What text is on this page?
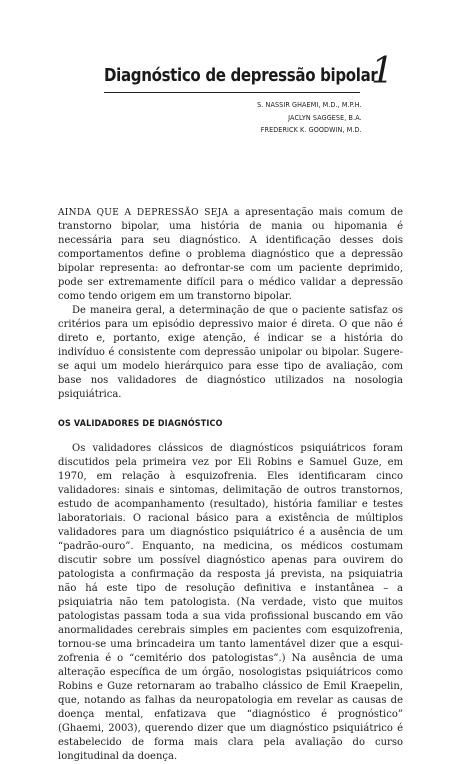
Diagnóstico de depressão bipolar
1
S. NASSIR GHAEMI, M.D., M.P.H.
JACLYN SAGGESE, B.A.
FREDERICK K. GOODWIN, M.D.

AINDA QUE A DEPRESSÃO SEJA a apresentação mais comum de transtorno bipolar, uma história de mania ou hipomania é necessária para seu diagnóstico. A identificação desses dois comportamentos define o problema diagnóstico que a depressão bipolar representa: ao defrontar-se com um paciente deprimido, pode ser extremamente difícil para o médico validar a depressão como tendo origem em um transtorno bipolar.

De maneira geral, a determinação de que o paciente satisfaz os critérios para um episódio depressivo maior é direta. O que não é direto e, portanto, exige atenção, é indicar se a história do indivíduo é consistente com depressão unipolar ou bipolar. Sugere-se aqui um modelo hierárquico para esse tipo de avaliação, com base nos validadores de diagnóstico utilizados na nosologia psiquiátrica.

OS VALIDADORES DE DIAGNÓSTICO

Os validadores clássicos de diagnósticos psiquiátricos foram discutidos pela primeira vez por Eli Robins e Samuel Guze, em 1970, em relação à esquizofrenia. Eles identificaram cinco validadores: sinais e sintomas, delimitação de outros transtornos, estudo de acompanhamento (resultado), história familiar e testes laboratoriais. O racional básico para a existência de múltiplos validadores para um diagnóstico psiquiátrico é a ausência de um “padrão-ouro”. Enquanto, na medicina, os médicos costumam discutir sobre um possível diagnóstico apenas para ouvirem do patologista a confirmação da resposta já prevista, na psiquiatria não há este tipo de resolução definitiva e instantânea – a psiquiatria não tem patologista. (Na verdade, visto que muitos patologistas passam toda a sua vida profissional buscando em vão anormalidades cerebrais simples em pacientes com esquizofrenia, tornou-se uma brincadeira um tanto lamentável dizer que a esquizofrenia é o “cemitério dos patologistas”.) Na ausência de uma alteração específica de um órgão, nosologistas psiquiátricos como Robins e Guze retornaram ao trabalho clássico de Emil Kraepelin, que, notando as falhas da neuropatologia em revelar as causas de doença mental, enfatizava que “diagnóstico é prognóstico” (Ghaemi, 2003), querendo dizer que um diagnóstico psiquiátrico é estabelecido de forma mais clara pela avaliação do curso longitudinal da doença.
